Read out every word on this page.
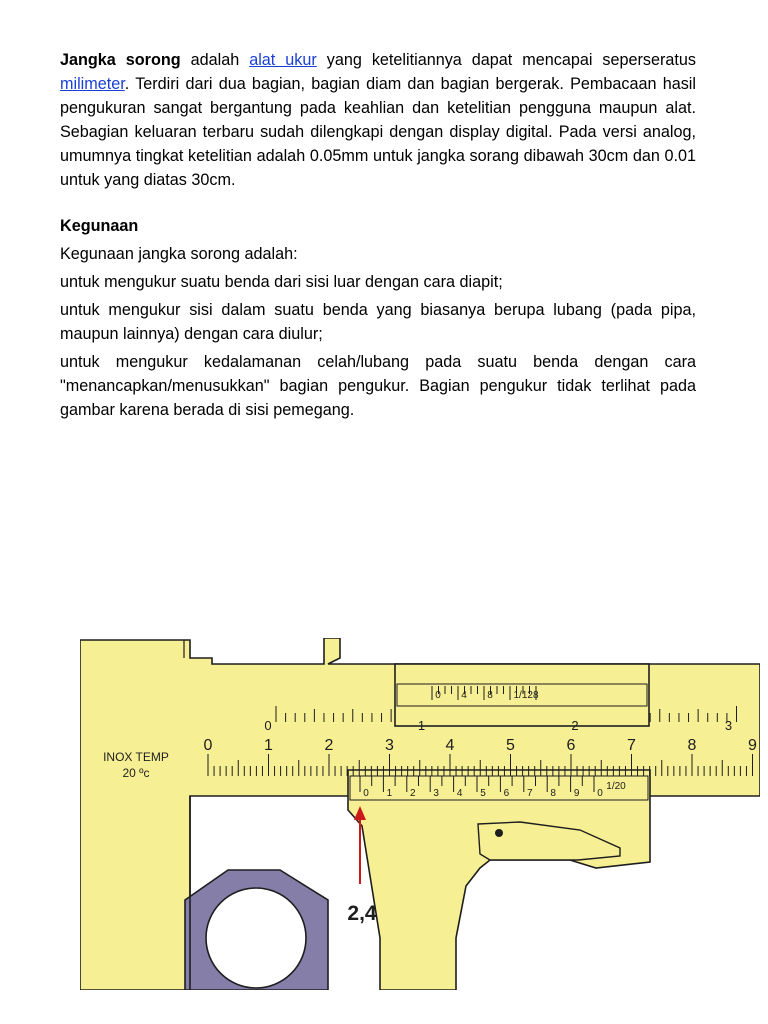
Jangka sorong adalah alat ukur yang ketelitiannya dapat mencapai seperseratus milimeter. Terdiri dari dua bagian, bagian diam dan bagian bergerak. Pembacaan hasil pengukuran sangat bergantung pada keahlian dan ketelitian pengguna maupun alat. Sebagian keluaran terbaru sudah dilengkapi dengan display digital. Pada versi analog, umumnya tingkat ketelitian adalah 0.05mm untuk jangka sorang dibawah 30cm dan 0.01 untuk yang diatas 30cm.

Kegunaan

Kegunaan jangka sorong adalah:

untuk mengukur suatu benda dari sisi luar dengan cara diapit;

untuk mengukur sisi dalam suatu benda yang biasanya berupa lubang (pada pipa, maupun lainnya) dengan cara diulur;

untuk mengukur kedalamanan celah/lubang pada suatu benda dengan cara "menancapkan/menusukkan" bagian pengukur. Bagian pengukur tidak terlihat pada gambar karena berada di sisi pemegang.

INOX TEMP
20 ºc
2,4
0	1	2	3	4	5	6	7	8	9
0	1	2	3
0 1 2 3 4 5 6 7 8 9 0
1/20
0 4 8 1/128
